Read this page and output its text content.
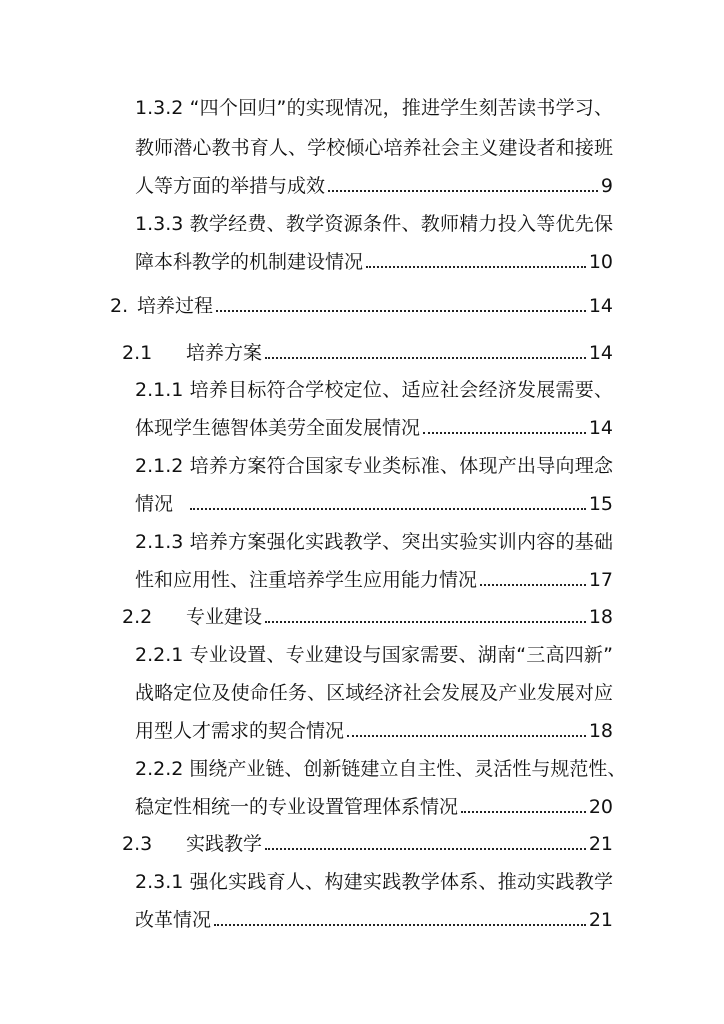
1.3.2 “四个回归”的实现情况，推进学生刻苦读书学习、
教师潜心教书育人、学校倾心培养社会主义建设者和接班
人等方面的举措与成效	9
1.3.3 教学经费、教学资源条件、教师精力投入等优先保
障本科教学的机制建设情况	10
2. 培养过程	14
2.1	培养方案	14
2.1.1 培养目标符合学校定位、适应社会经济发展需要、
体现学生德智体美劳全面发展情况	14
2.1.2 培养方案符合国家专业类标准、体现产出导向理念
情况	15
2.1.3 培养方案强化实践教学、突出实验实训内容的基础
性和应用性、注重培养学生应用能力情况	17
2.2	专业建设	18
2.2.1 专业设置、专业建设与国家需要、湖南“三高四新”
战略定位及使命任务、区域经济社会发展及产业发展对应
用型人才需求的契合情况	18
2.2.2 围绕产业链、创新链建立自主性、灵活性与规范性、
稳定性相统一的专业设置管理体系情况	20
2.3	实践教学	21
2.3.1 强化实践育人、构建实践教学体系、推动实践教学
改革情况	21
